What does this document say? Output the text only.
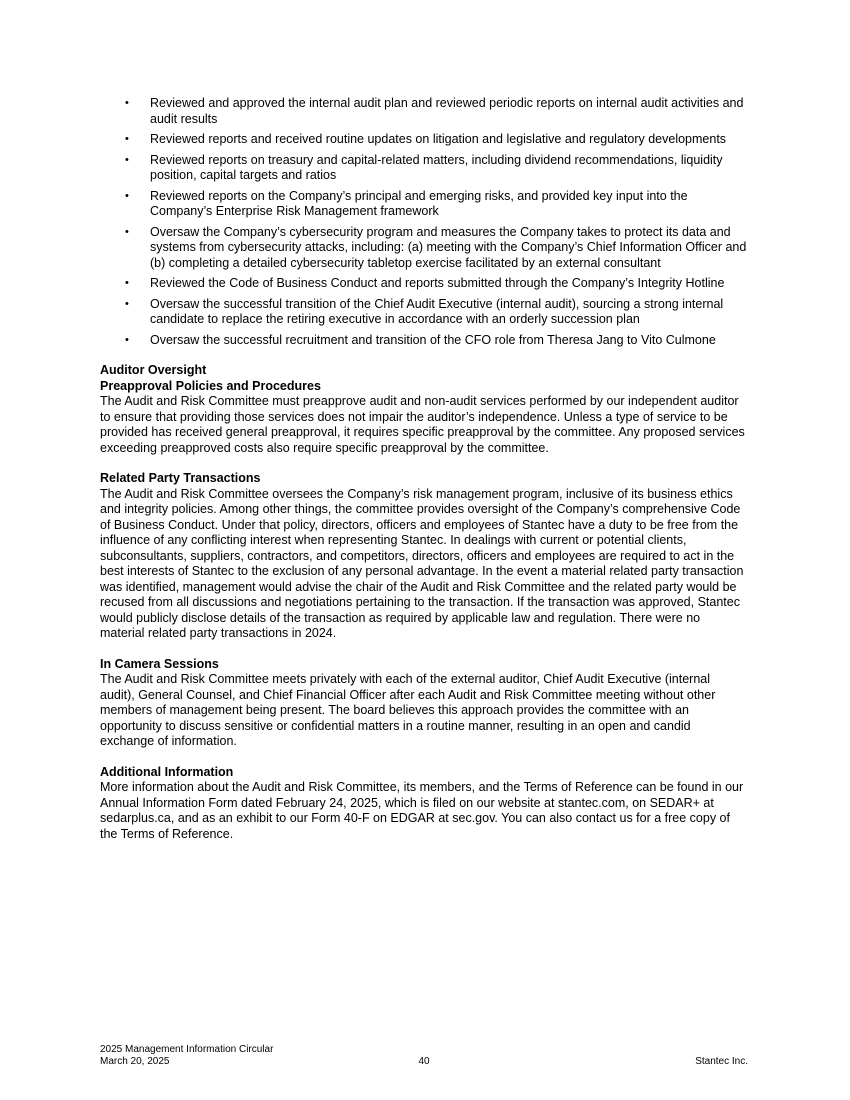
• Reviewed and approved the internal audit plan and reviewed periodic reports on internal audit activities and audit results
• Reviewed reports and received routine updates on litigation and legislative and regulatory developments
• Reviewed reports on treasury and capital-related matters, including dividend recommendations, liquidity position, capital targets and ratios
• Reviewed reports on the Company’s principal and emerging risks, and provided key input into the Company’s Enterprise Risk Management framework
• Oversaw the Company’s cybersecurity program and measures the Company takes to protect its data and systems from cybersecurity attacks, including: (a) meeting with the Company’s Chief Information Officer and (b) completing a detailed cybersecurity tabletop exercise facilitated by an external consultant
• Reviewed the Code of Business Conduct and reports submitted through the Company’s Integrity Hotline
• Oversaw the successful transition of the Chief Audit Executive (internal audit), sourcing a strong internal candidate to replace the retiring executive in accordance with an orderly succession plan
• Oversaw the successful recruitment and transition of the CFO role from Theresa Jang to Vito Culmone
Auditor Oversight
Preapproval Policies and Procedures

The Audit and Risk Committee must preapprove audit and non-audit services performed by our independent auditor to ensure that providing those services does not impair the auditor’s independence. Unless a type of service to be provided has received general preapproval, it requires specific preapproval by the committee. Any proposed services exceeding preapproved costs also require specific preapproval by the committee.

Related Party Transactions

The Audit and Risk Committee oversees the Company’s risk management program, inclusive of its business ethics and integrity policies. Among other things, the committee provides oversight of the Company’s comprehensive Code of Business Conduct. Under that policy, directors, officers and employees of Stantec have a duty to be free from the influence of any conflicting interest when representing Stantec. In dealings with current or potential clients, subconsultants, suppliers, contractors, and competitors, directors, officers and employees are required to act in the best interests of Stantec to the exclusion of any personal advantage. In the event a material related party transaction was identified, management would advise the chair of the Audit and Risk Committee and the related party would be recused from all discussions and negotiations pertaining to the transaction. If the transaction was approved, Stantec would publicly disclose details of the transaction as required by applicable law and regulation. There were no material related party transactions in 2024.

In Camera Sessions

The Audit and Risk Committee meets privately with each of the external auditor, Chief Audit Executive (internal audit), General Counsel, and Chief Financial Officer after each Audit and Risk Committee meeting without other members of management being present. The board believes this approach provides the committee with an opportunity to discuss sensitive or confidential matters in a routine manner, resulting in an open and candid exchange of information.

Additional Information

More information about the Audit and Risk Committee, its members, and the Terms of Reference can be found in our Annual Information Form dated February 24, 2025, which is filed on our website at stantec.com, on SEDAR+ at sedarplus.ca, and as an exhibit to our Form 40-F on EDGAR at sec.gov. You can also contact us for a free copy of the Terms of Reference.

2025 Management Information Circular
March 20, 2025	40	Stantec Inc.
